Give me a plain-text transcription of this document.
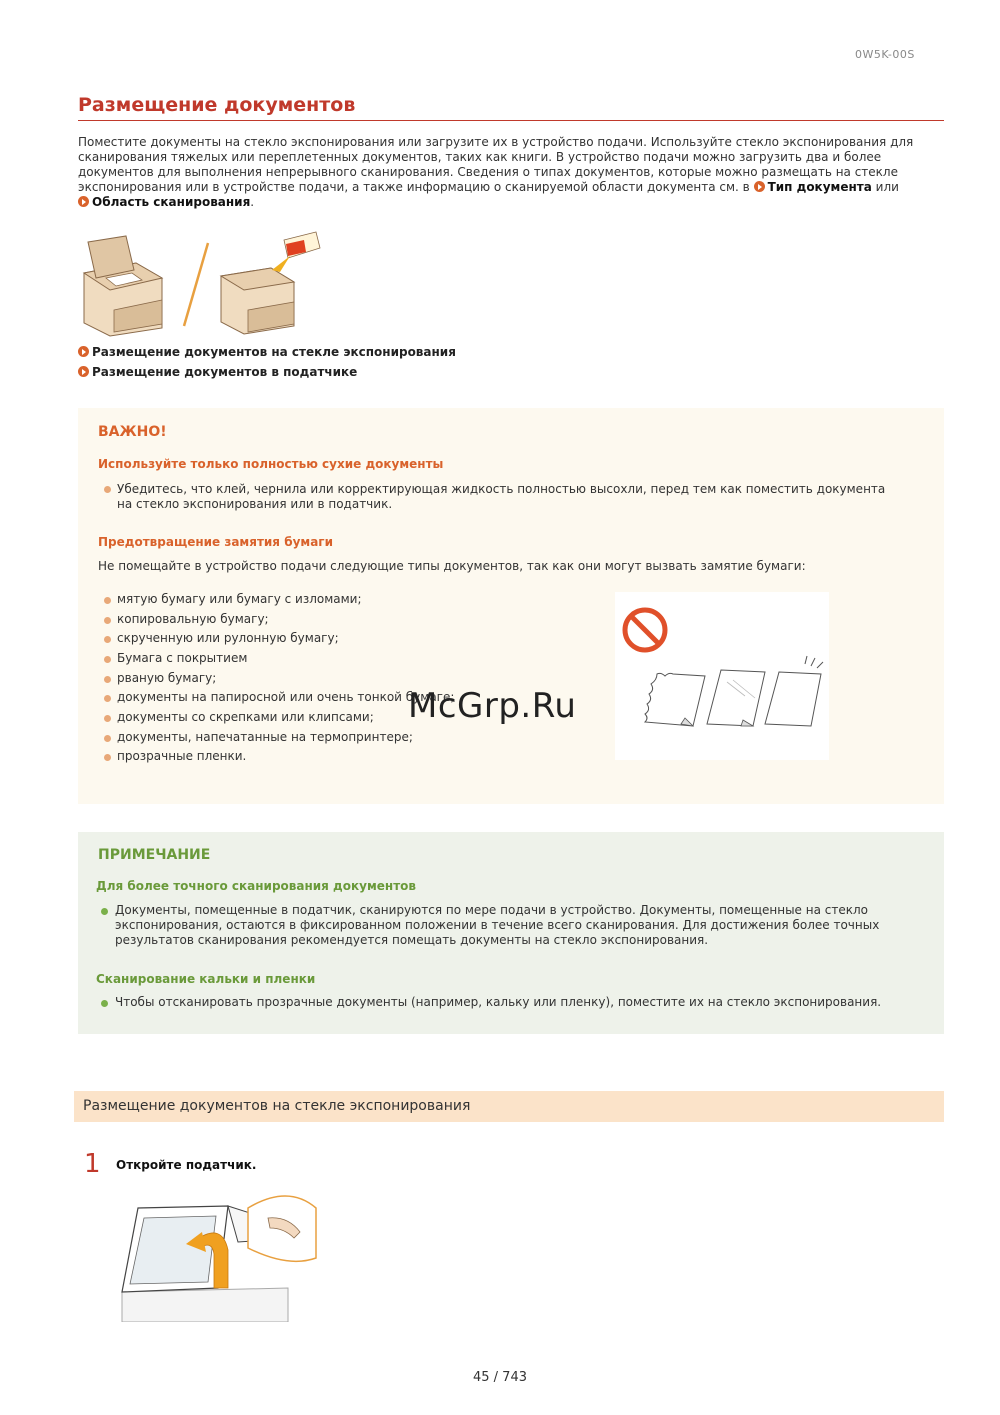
0W5K-00S
Размещение документов
Поместите документы на стекло экспонирования или загрузите их в устройство подачи. Используйте стекло экспонирования для
сканирования тяжелых или переплетенных документов, таких как книги. В устройство подачи можно загрузить два и более
документов для выполнения непрерывного сканирования. Сведения о типах документов, которые можно размещать на стекле
экспонирования или в устройстве подачи, а также информацию о сканируемой области документа см. в Тип документа или
Область сканирования.
Размещение документов на стекле экспонирования
Размещение документов в податчике
ВАЖНО!
Используйте только полностью сухие документы
Убедитесь, что клей, чернила или корректирующая жидкость полностью высохли, перед тем как поместить документа
на стекло экспонирования или в податчик.
Предотвращение замятия бумаги
Не помещайте в устройство подачи следующие типы документов, так как они могут вызвать замятие бумаги:
мятую бумагу или бумагу с изломами;
копировальную бумагу;
скрученную или рулонную бумагу;
Бумага с покрытием
рваную бумагу;
документы на папиросной или очень тонкой бумаге;
документы со скрепками или клипсами;
документы, напечатанные на термопринтере;
прозрачные пленки.
McGrp.Ru
ПРИМЕЧАНИЕ
Для более точного сканирования документов
Документы, помещенные в податчик, сканируются по мере подачи в устройство. Документы, помещенные на стекло
экспонирования, остаются в фиксированном положении в течение всего сканирования. Для достижения более точных
результатов сканирования рекомендуется помещать документы на стекло экспонирования.
Сканирование кальки и пленки
Чтобы отсканировать прозрачные документы (например, кальку или пленку), поместите их на стекло экспонирования.
Размещение документов на стекле экспонирования
1 Откройте податчик.
45 / 743
